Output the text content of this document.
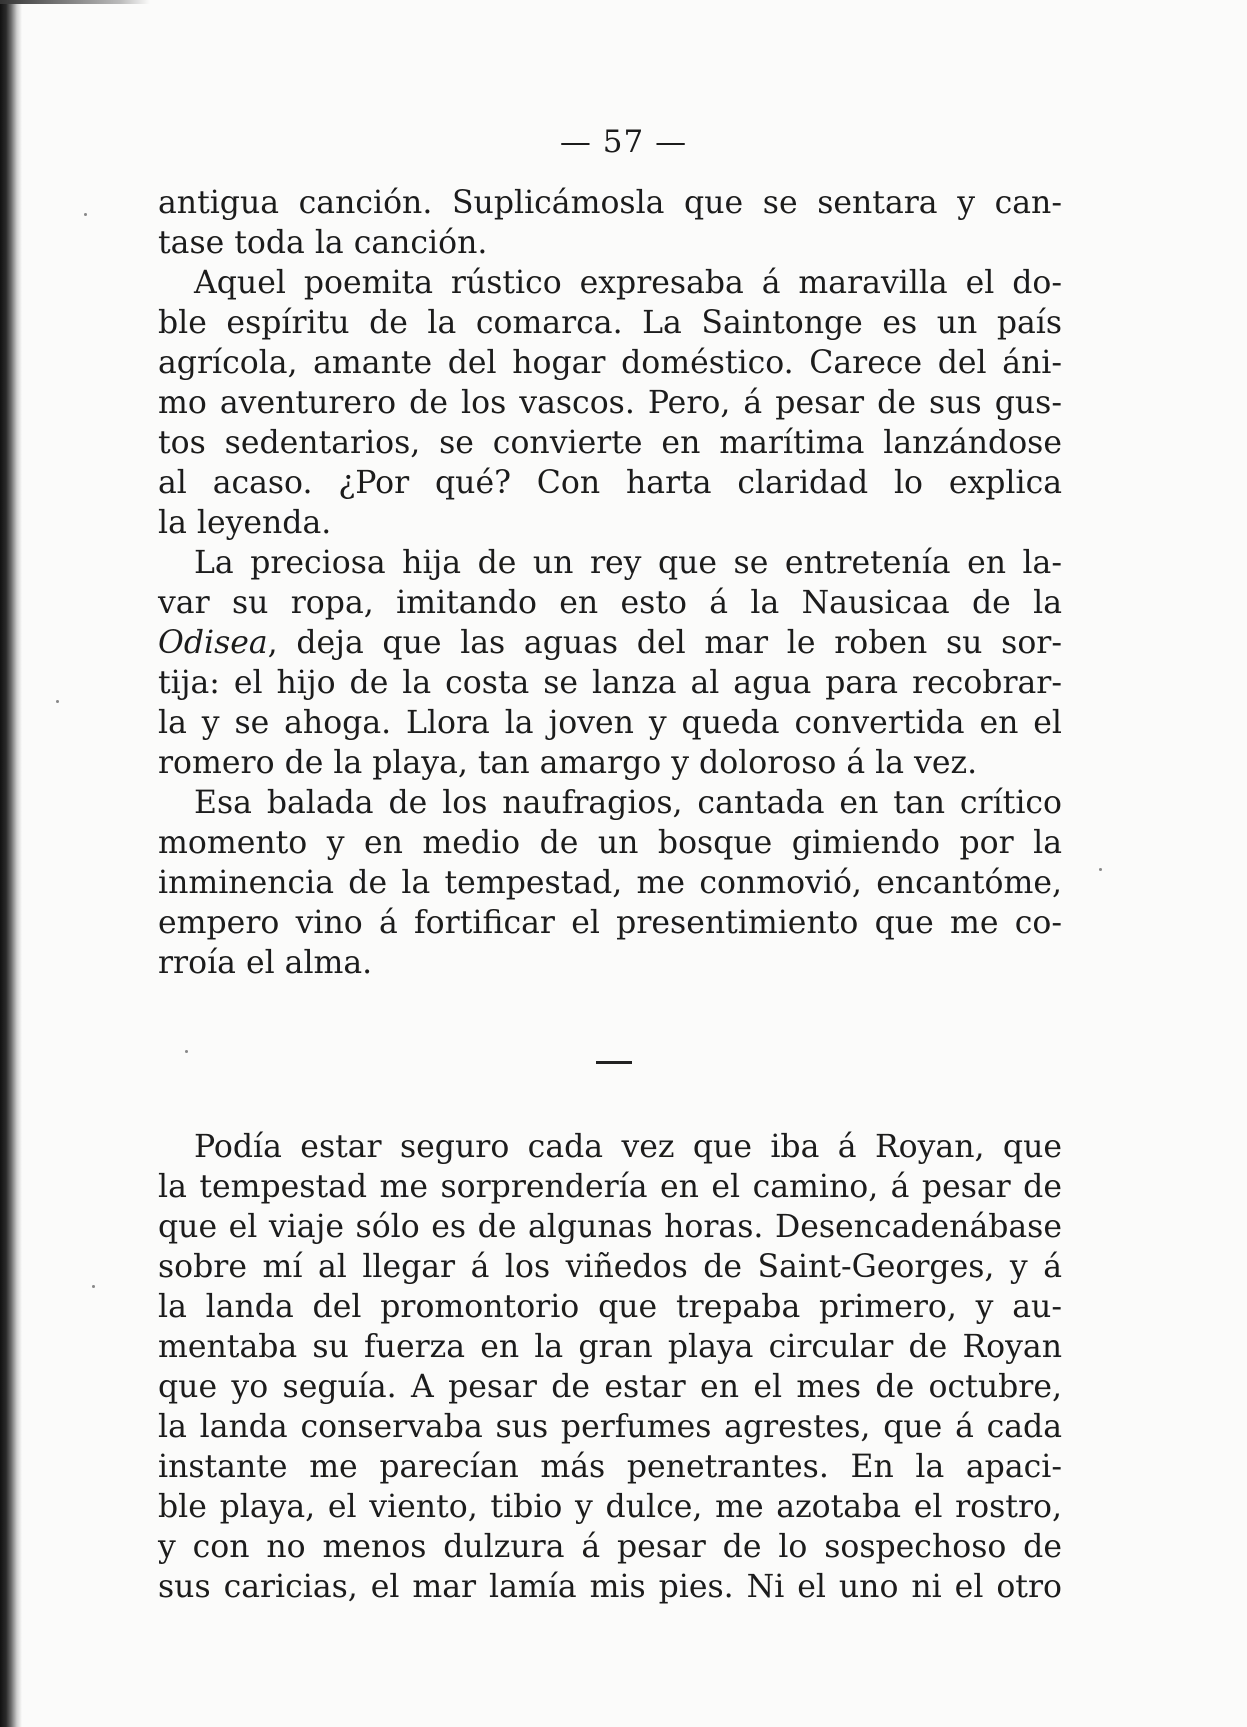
— 57 —
antigua canción. Suplicámosla que se sentara y can-
tase toda la canción.
Aquel poemita rústico expresaba á maravilla el do-
ble espíritu de la comarca. La Saintonge es un país
agrícola, amante del hogar doméstico. Carece del áni-
mo aventurero de los vascos. Pero, á pesar de sus gus-
tos sedentarios, se convierte en marítima lanzándose
al acaso. ¿Por qué? Con harta claridad lo explica
la leyenda.
La preciosa hija de un rey que se entretenía en la-
var su ropa, imitando en esto á la Nausicaa de la
Odisea, deja que las aguas del mar le roben su sor-
tija: el hijo de la costa se lanza al agua para recobrar-
la y se ahoga. Llora la joven y queda convertida en el
romero de la playa, tan amargo y doloroso á la vez.
Esa balada de los naufragios, cantada en tan crítico
momento y en medio de un bosque gimiendo por la
inminencia de la tempestad, me conmovió, encantóme,
empero vino á fortificar el presentimiento que me co-
rroía el alma.
Podía estar seguro cada vez que iba á Royan, que
la tempestad me sorprendería en el camino, á pesar de
que el viaje sólo es de algunas horas. Desencadenábase
sobre mí al llegar á los viñedos de Saint-Georges, y á
la landa del promontorio que trepaba primero, y au-
mentaba su fuerza en la gran playa circular de Royan
que yo seguía. A pesar de estar en el mes de octubre,
la landa conservaba sus perfumes agrestes, que á cada
instante me parecían más penetrantes. En la apaci-
ble playa, el viento, tibio y dulce, me azotaba el rostro,
y con no menos dulzura á pesar de lo sospechoso de
sus caricias, el mar lamía mis pies. Ni el uno ni el otro
